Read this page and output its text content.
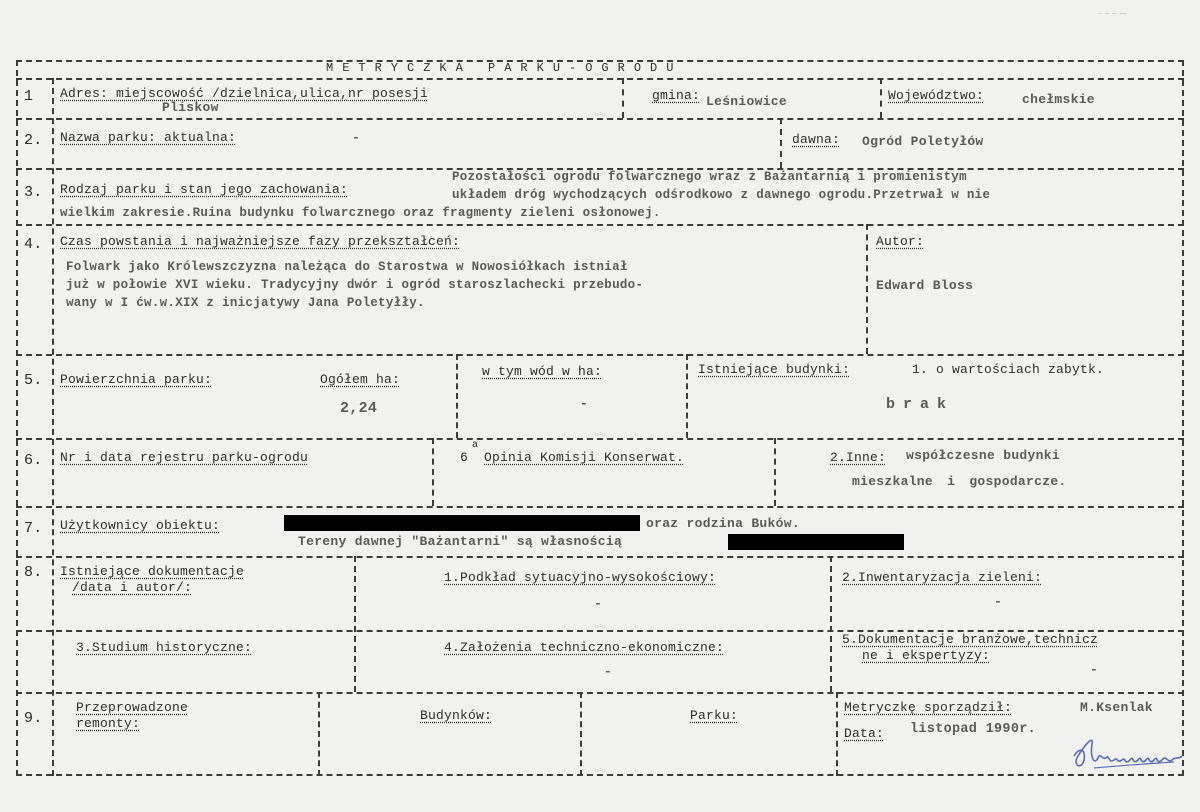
— — — ——
METRYCZKA PARKU-OGRODU
1 Adres: miejscowość /dzielnica,ulica,nr posesji
Pliskow
gmina: Leśniowice	Województwo:	chełmskie
2. Nazwa parku: aktualna:	-	dawna: Ogród Poletyłów
3. Rodzaj parku i stan jego zachowania:
Pozostałości ogrodu folwarcznego wraz z Bażantarnią i promienistym
układem dróg wychodzących odśrodkowo z dawnego ogrodu.Przetrwał w nie
wielkim zakresie.Ruina budynku folwarcznego oraz fragmenty zieleni osłonowej.
4. Czas powstania i najważniejsze fazy przekształceń:
Folwark jako Królewszczyzna należąca do Starostwa w Nowosiółkach istniał
już w połowie XVI wieku. Tradycyjny dwór i ogród staroszlachecki przebudo-
wany w I ćw.w.XIX z inicjatywy Jana Poletyłły.
Autor:
Edward Bloss
5. Powierzchnia parku:	Ogółem ha:
2,24
w tym wód w ha:
-
Istniejące budynki:	1. o wartościach zabytk.
brak
6. Nr i data rejestru parku-ogrodu	6
a
Opinia Komisji Konserwat.	2.Inne: współczesne budynki
mieszkalne i gospodarcze.
7. Użytkownicy obiektu:	oraz rodzina Buków.
Tereny dawnej "Bażantarni" są własnością
8. Istniejące dokumentacje
/data i autor/:
1.Podkład sytuacyjno-wysokościowy:
-
2.Inwentaryzacja zieleni:
-
3.Studium historyczne:	4.Założenia techniczno-ekonomiczne:
-
5.Dokumentacje branżowe,technicz
ne i ekspertyzy:
-
9.
Przeprowadzone
remonty:
Budynków:	Parku:
Metryczkę sporządził:	M.Ksenlak
Data: listopad 1990r.
